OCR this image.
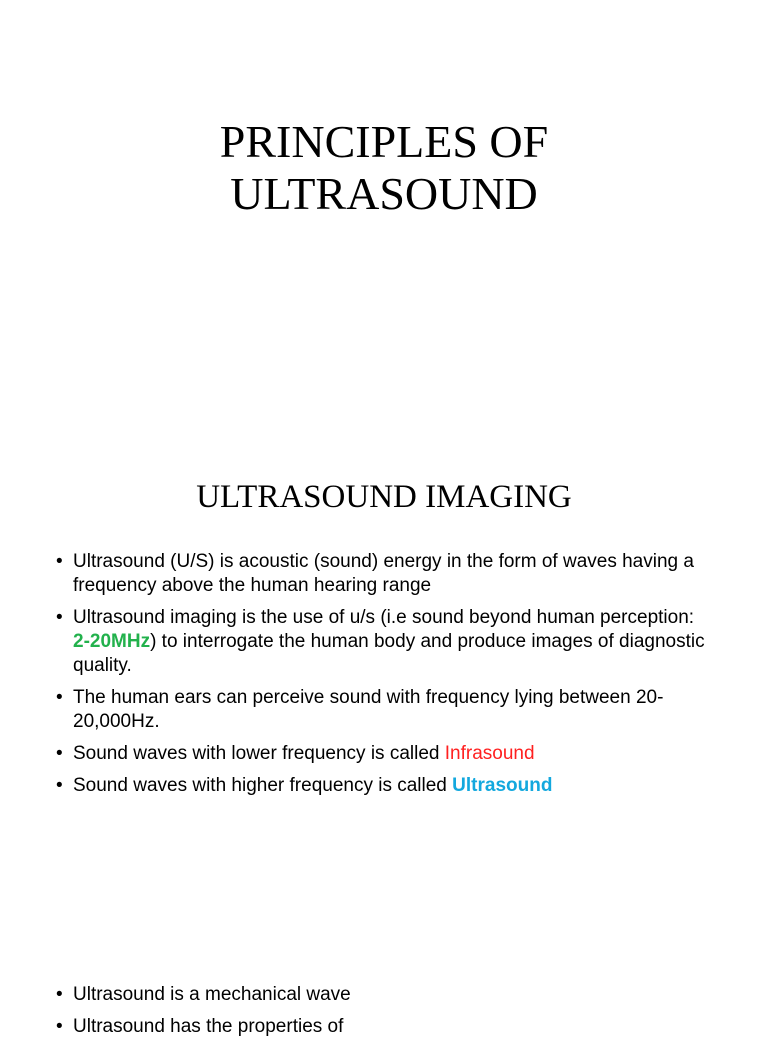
PRINCIPLES OF
ULTRASOUND
ULTRASOUND IMAGING
• Ultrasound (U/S) is acoustic (sound) energy in the form of waves having a frequency above the human hearing range
• Ultrasound imaging is the use of u/s (i.e sound beyond human perception: 2-20MHz) to interrogate the human body and produce images of diagnostic quality.
• The human ears can perceive sound with frequency lying between 20-20,000Hz.
• Sound waves with lower frequency is called Infrasound
• Sound waves with higher frequency is called Ultrasound
• Ultrasound is a mechanical wave
• Ultrasound has the properties of
